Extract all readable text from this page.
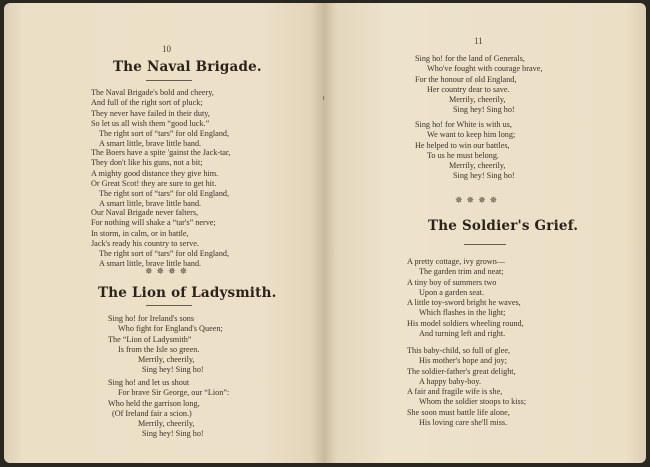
10
The Naval Brigade.
The Naval Brigade's bold and cheery,
And full of the right sort of pluck;
They never have failed in their duty,
So let us all wish them “good luck.”
The right sort of “tars” for old England,
A smart little, brave little band.
The Boers have a spite 'gainst the Jack-tar,
They don't like his guns, not a bit;
A mighty good distance they give him.
Or Great Scot! they are sure to get hit.
The right sort of “tars” for old England,
A smart little, brave little band.
Our Naval Brigade never falters,
For nothing will shake a “tar's” nerve;
In storm, in calm, or in battle,
Jack's ready his country to serve.
The right sort of “tars” for old England,
A smart little, brave little band.
✵✵✵✵
The Lion of Ladysmith.
Sing ho! for Ireland's sons
Who fight for England's Queen;
The “Lion of Ladysmith”
Is from the Isle so green.
Merrily, cheerily,
Sing hey! Sing ho!
Sing ho! and let us shout
For brave Sir George, our “Lion”:
Who held the garrison long,
(Of Ireland fair a scion.)
Merrily, cheerily,
Sing hey! Sing ho!
11
Sing ho! for the land of Generals,
Who've fought with courage brave,
For the honour of old England,
Her country dear to save.
Merrily, cheerily,
Sing hey! Sing ho!
Sing ho! for White is with us,
We want to keep him long;
He helped to win our battles,
To us he must belong.
Merrily, cheerily,
Sing hey! Sing ho!
✵✵✵✵
The Soldier's Grief.
A pretty cottage, ivy grown—
The garden trim and neat;
A tiny boy of summers two
Upon a garden seat.
A little toy-sword bright he waves,
Which flashes in the light;
His model soldiers wheeling round,
And turning left and right.
This baby-child, so full of glee,
His mother's hope and joy;
The soldier-father's great delight,
A happy baby-boy.
A fair and fragile wife is she,
Whom the soldier stoops to kiss;
She soon must battle life alone,
His loving care she'll miss.
